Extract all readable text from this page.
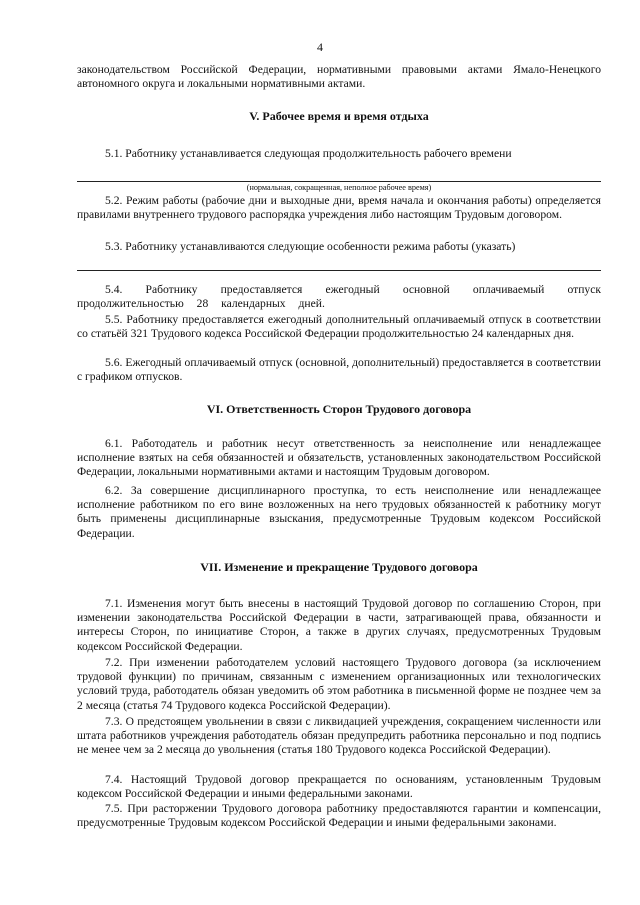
4

законодательством Российской Федерации, нормативными правовыми актами Ямало-Ненецкого автономного округа и локальными нормативными актами.

V. Рабочее время и время отдыха

5.1. Работнику устанавливается следующая продолжительность рабочего времени

(нормальная, сокращенная, неполное рабочее время)

5.2. Режим работы (рабочие дни и выходные дни, время начала и окончания работы) определяется правилами внутреннего трудового распорядка учреждения либо настоящим Трудовым договором.

5.3. Работнику устанавливаются следующие особенности режима работы (указать)

5.4. Работнику предоставляется ежегодный основной оплачиваемый отпуск продолжительностью 28 календарных дней.

5.5. Работнику предоставляется ежегодный дополнительный оплачиваемый отпуск в соответствии со статьёй 321 Трудового кодекса Российской Федерации продолжительностью 24 календарных дня.

5.6. Ежегодный оплачиваемый отпуск (основной, дополнительный) предоставляется в соответствии с графиком отпусков.

VI. Ответственность Сторон Трудового договора

6.1. Работодатель и работник несут ответственность за неисполнение или ненадлежащее исполнение взятых на себя обязанностей и обязательств, установленных законодательством Российской Федерации, локальными нормативными актами и настоящим Трудовым договором.

6.2. За совершение дисциплинарного проступка, то есть неисполнение или ненадлежащее исполнение работником по его вине возложенных на него трудовых обязанностей к работнику могут быть применены дисциплинарные взыскания, предусмотренные Трудовым кодексом Российской Федерации.

VII. Изменение и прекращение Трудового договора

7.1. Изменения могут быть внесены в настоящий Трудовой договор по соглашению Сторон, при изменении законодательства Российской Федерации в части, затрагивающей права, обязанности и интересы Сторон, по инициативе Сторон, а также в других случаях, предусмотренных Трудовым кодексом Российской Федерации.

7.2. При изменении работодателем условий настоящего Трудового договора (за исключением трудовой функции) по причинам, связанным с изменением организационных или технологических условий труда, работодатель обязан уведомить об этом работника в письменной форме не позднее чем за 2 месяца (статья 74 Трудового кодекса Российской Федерации).

7.3. О предстоящем увольнении в связи с ликвидацией учреждения, сокращением численности или штата работников учреждения работодатель обязан предупредить работника персонально и под подпись не менее чем за 2 месяца до увольнения (статья 180 Трудового кодекса Российской Федерации).

7.4. Настоящий Трудовой договор прекращается по основаниям, установленным Трудовым кодексом Российской Федерации и иными федеральными законами.

7.5. При расторжении Трудового договора работнику предоставляются гарантии и компенсации, предусмотренные Трудовым кодексом Российской Федерации и иными федеральными законами.
